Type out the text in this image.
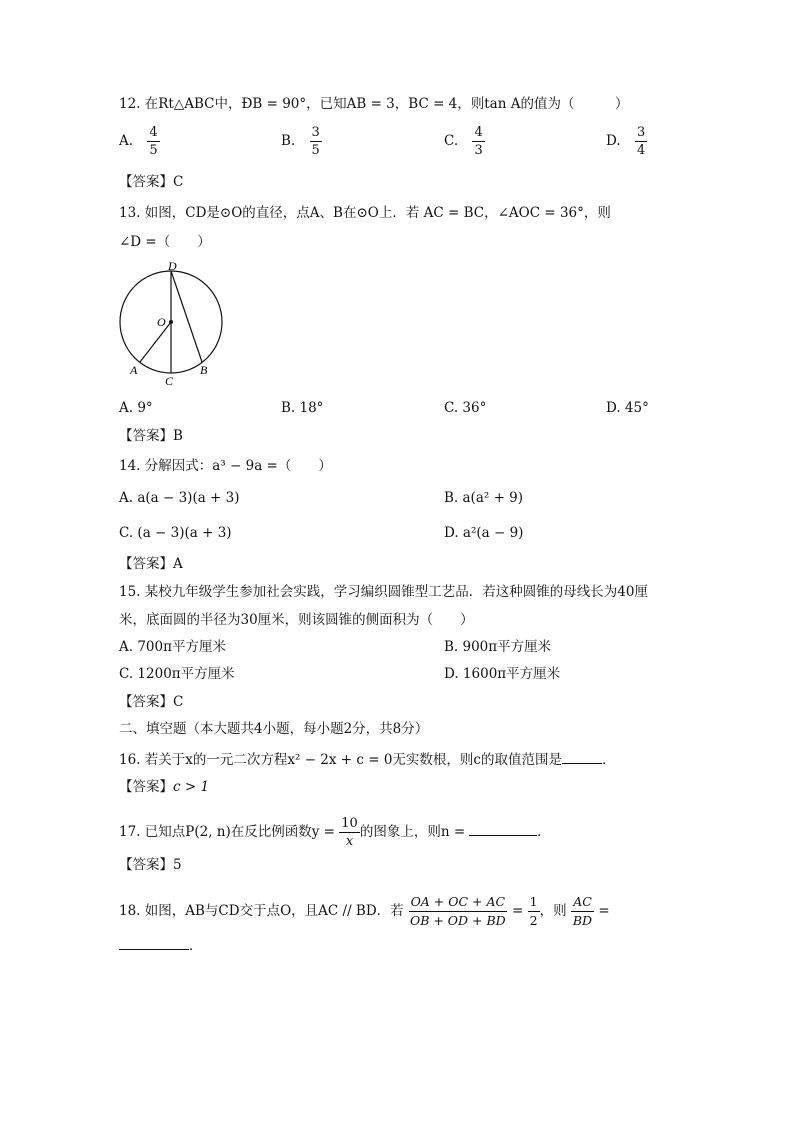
12. 在Rt△ABC中，ÐB = 90°，已知AB = 3，BC = 4，则tan A的值为（　　　）
A. $\frac{4}{5}$	B. $\frac{3}{5}$	C. $\frac{4}{3}$	D. $\frac{3}{4}$
【答案】C
13. 如图，CD是⊙O的直径，点A、B在⊙O上．若 AC = BC，∠AOC = 36°，则
∠D =（　　）
D
O
A
C
B
A. 9°	B. 18°	C. 36°	D. 45°
【答案】B
14. 分解因式：a³ − 9a =（　　）
A. a(a − 3)(a + 3)	B. a(a² + 9)
C. (a − 3)(a + 3)	D. a²(a − 9)
【答案】A
15. 某校九年级学生参加社会实践，学习编织圆锥型工艺品．若这种圆锥的母线长为40厘
米，底面圆的半径为30厘米，则该圆锥的侧面积为（　　）
A. 700π平方厘米	B. 900π平方厘米
C. 1200π平方厘米	D. 1600π平方厘米
【答案】C
二、填空题（本大题共4小题，每小题2分，共8分）
16. 若关于x的一元二次方程x² − 2x + c = 0无实数根，则c的取值范围是	．
【答案】c > 1
17. 已知点P(2, n)在反比例函数$y = \frac{10}{x}$ 的图象上，则n =	．
【答案】5
18. 如图，AB与CD交于点O，且AC // BD．若 $\frac{OA + OC + AC}{OB + OD + BD} = \frac{1}{2}$ ，则 $\frac{AC}{BD}$ =
．
